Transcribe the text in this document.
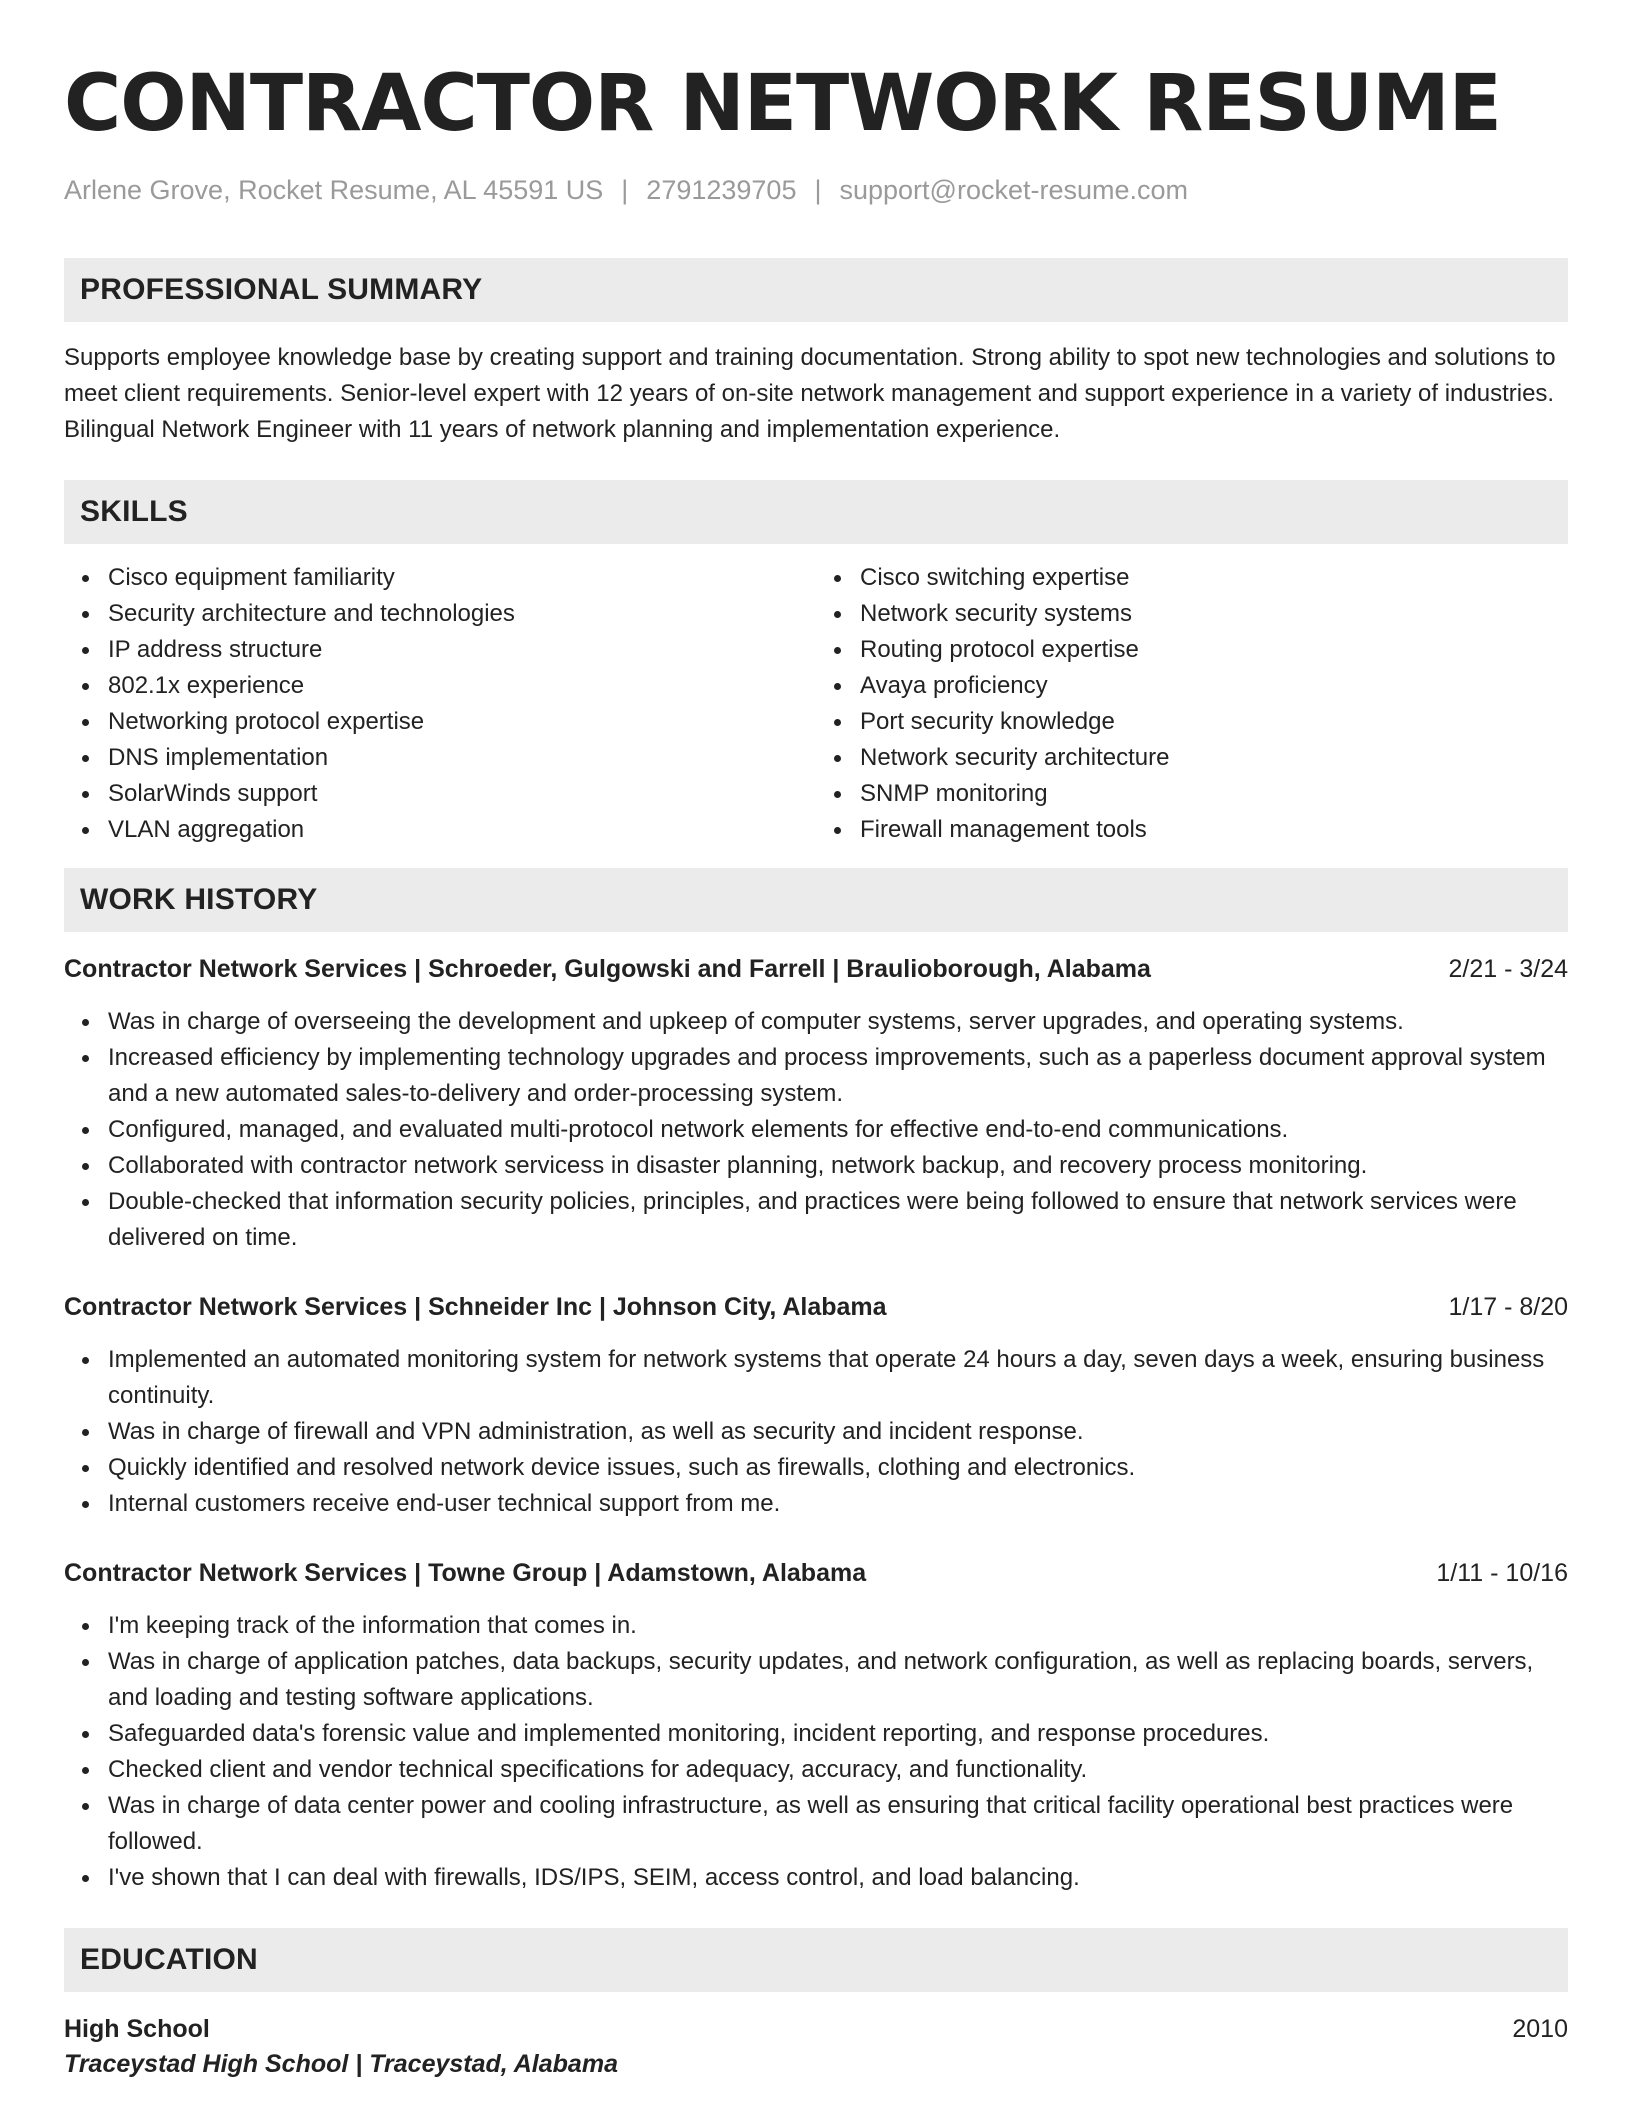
CONTRACTOR NETWORK RESUME
Arlene Grove, Rocket Resume, AL 45591 US | 2791239705 | support@rocket-resume.com
PROFESSIONAL SUMMARY
Supports employee knowledge base by creating support and training documentation. Strong ability to spot new technologies and solutions to meet client requirements. Senior-level expert with 12 years of on-site network management and support experience in a variety of industries. Bilingual Network Engineer with 11 years of network planning and implementation experience.
SKILLS
Cisco equipment familiarity
Security architecture and technologies
IP address structure
802.1x experience
Networking protocol expertise
DNS implementation
SolarWinds support
VLAN aggregation
Cisco switching expertise
Network security systems
Routing protocol expertise
Avaya proficiency
Port security knowledge
Network security architecture
SNMP monitoring
Firewall management tools
WORK HISTORY
Contractor Network Services | Schroeder, Gulgowski and Farrell | Braulioborough, Alabama	2/21 - 3/24
Was in charge of overseeing the development and upkeep of computer systems, server upgrades, and operating systems.
Increased efficiency by implementing technology upgrades and process improvements, such as a paperless document approval system and a new automated sales-to-delivery and order-processing system.
Configured, managed, and evaluated multi-protocol network elements for effective end-to-end communications.
Collaborated with contractor network servicess in disaster planning, network backup, and recovery process monitoring.
Double-checked that information security policies, principles, and practices were being followed to ensure that network services were delivered on time.
Contractor Network Services | Schneider Inc | Johnson City, Alabama	1/17 - 8/20
Implemented an automated monitoring system for network systems that operate 24 hours a day, seven days a week, ensuring business continuity.
Was in charge of firewall and VPN administration, as well as security and incident response.
Quickly identified and resolved network device issues, such as firewalls, clothing and electronics.
Internal customers receive end-user technical support from me.
Contractor Network Services | Towne Group | Adamstown, Alabama	1/11 - 10/16
I'm keeping track of the information that comes in.
Was in charge of application patches, data backups, security updates, and network configuration, as well as replacing boards, servers, and loading and testing software applications.
Safeguarded data's forensic value and implemented monitoring, incident reporting, and response procedures.
Checked client and vendor technical specifications for adequacy, accuracy, and functionality.
Was in charge of data center power and cooling infrastructure, as well as ensuring that critical facility operational best practices were followed.
I've shown that I can deal with firewalls, IDS/IPS, SEIM, access control, and load balancing.
EDUCATION
High School	2010
Traceystad High School | Traceystad, Alabama
